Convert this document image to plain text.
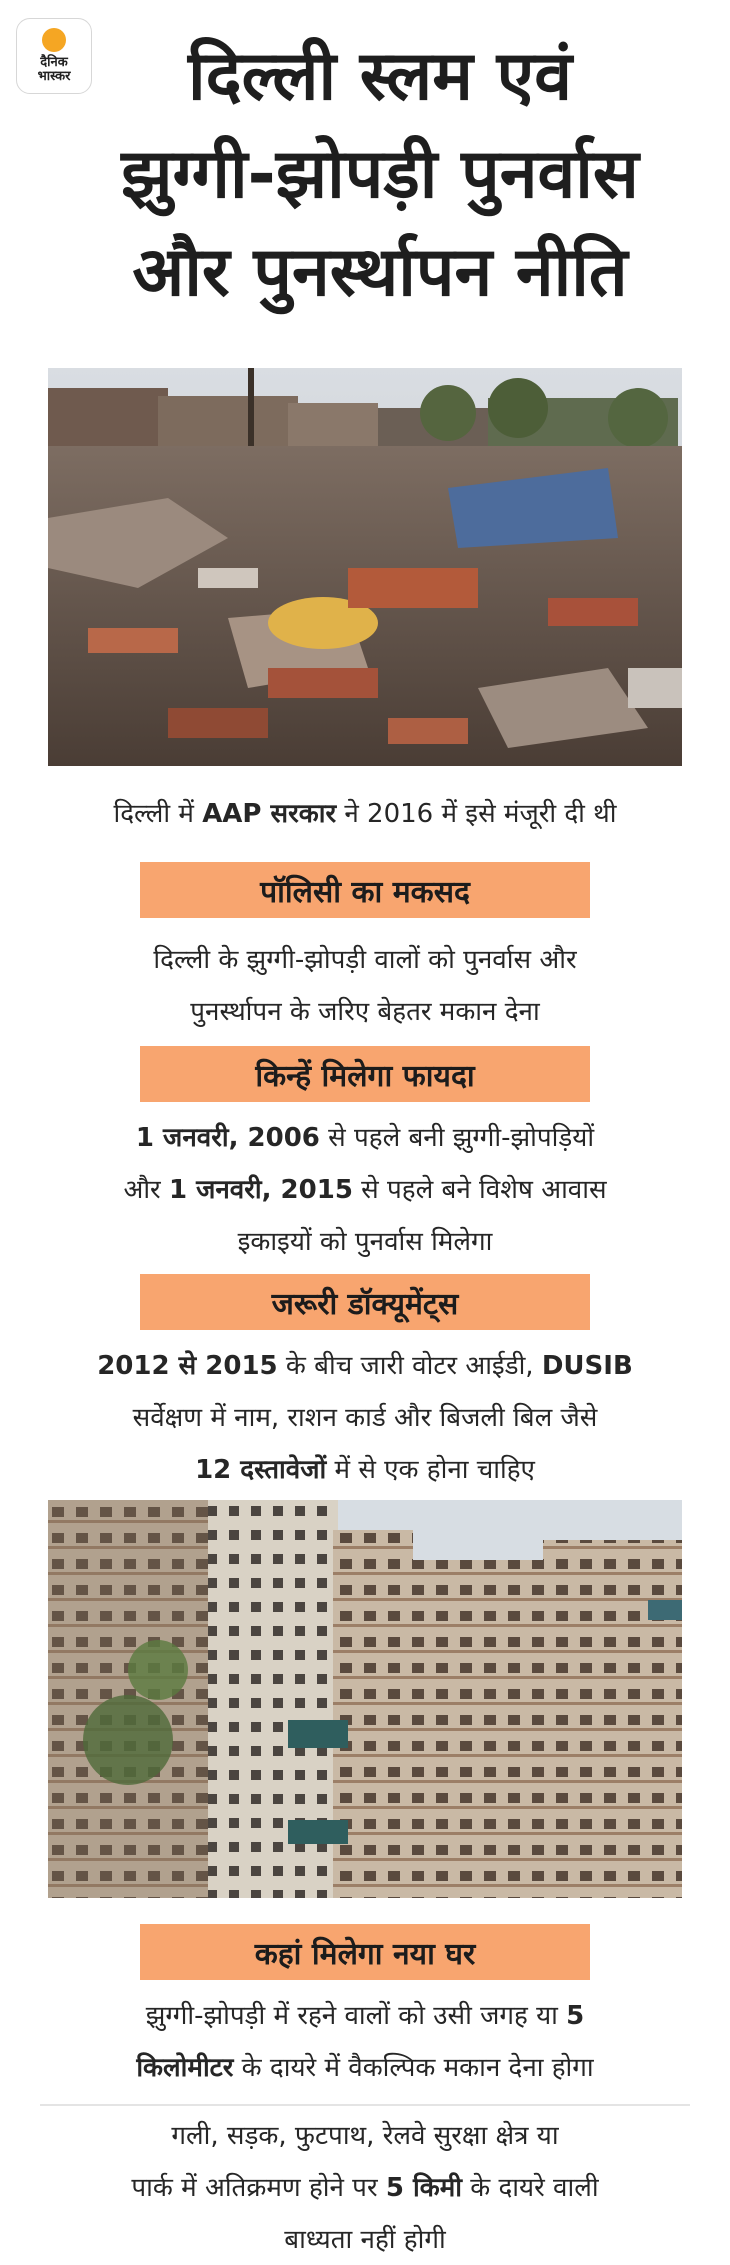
दैनिक
भास्कर	दिल्ली स्लम एवं
झुग्गी-झोपड़ी पुनर्वास
और पुनर्स्थापन नीति
दिल्ली में AAP सरकार ने 2016 में इसे मंजूरी दी थी
पॉलिसी का मकसद
दिल्ली के झुग्गी-झोपड़ी वालों को पुनर्वास और
पुनर्स्थापन के जरिए बेहतर मकान देना
किन्हें मिलेगा फायदा
1 जनवरी, 2006 से पहले बनी झुग्गी-झोपड़ियों
और 1 जनवरी, 2015 से पहले बने विशेष आवास
इकाइयों को पुनर्वास मिलेगा
जरूरी डॉक्यूमेंट्स
2012 से 2015 के बीच जारी वोटर आईडी, DUSIB
सर्वेक्षण में नाम, राशन कार्ड और बिजली बिल जैसे
12 दस्तावेजों में से एक होना चाहिए
कहां मिलेगा नया घर
झुग्गी-झोपड़ी में रहने वालों को उसी जगह या 5
किलोमीटर के दायरे में वैकल्पिक मकान देना होगा
गली, सड़क, फुटपाथ, रेलवे सुरक्षा क्षेत्र या
पार्क में अतिक्रमण होने पर 5 किमी के दायरे वाली
बाध्यता नहीं होगी
